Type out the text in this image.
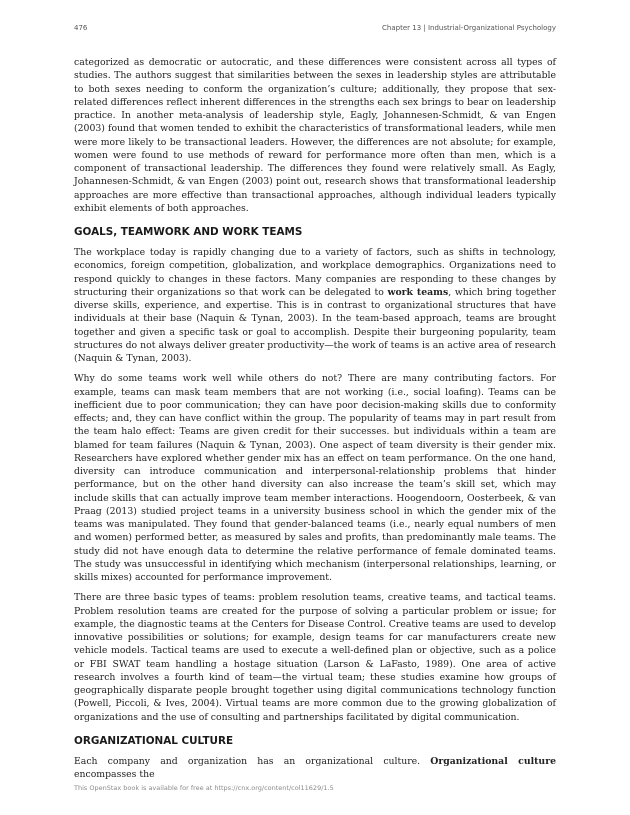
476	Chapter 13 | Industrial-Organizational Psychology

categorized as democratic or autocratic, and these differences were consistent across all types of studies. The authors suggest that similarities between the sexes in leadership styles are attributable to both sexes needing to conform the organization’s culture; additionally, they propose that sex-related differences reflect inherent differences in the strengths each sex brings to bear on leadership practice. In another meta-analysis of leadership style, Eagly, Johannesen-Schmidt, & van Engen (2003) found that women tended to exhibit the characteristics of transformational leaders, while men were more likely to be transactional leaders. However, the differences are not absolute; for example, women were found to use methods of reward for performance more often than men, which is a component of transactional leadership. The differences they found were relatively small. As Eagly, Johannesen-Schmidt, & van Engen (2003) point out, research shows that transformational leadership approaches are more effective than transactional approaches, although individual leaders typically exhibit elements of both approaches.

GOALS, TEAMWORK AND WORK TEAMS

The workplace today is rapidly changing due to a variety of factors, such as shifts in technology, economics, foreign competition, globalization, and workplace demographics. Organizations need to respond quickly to changes in these factors. Many companies are responding to these changes by structuring their organizations so that work can be delegated to work teams, which bring together diverse skills, experience, and expertise. This is in contrast to organizational structures that have individuals at their base (Naquin & Tynan, 2003). In the team-based approach, teams are brought together and given a specific task or goal to accomplish. Despite their burgeoning popularity, team structures do not always deliver greater productivity—the work of teams is an active area of research (Naquin & Tynan, 2003).

Why do some teams work well while others do not? There are many contributing factors. For example, teams can mask team members that are not working (i.e., social loafing). Teams can be inefficient due to poor communication; they can have poor decision-making skills due to conformity effects; and, they can have conflict within the group. The popularity of teams may in part result from the team halo effect: Teams are given credit for their successes. but individuals within a team are blamed for team failures (Naquin & Tynan, 2003). One aspect of team diversity is their gender mix. Researchers have explored whether gender mix has an effect on team performance. On the one hand, diversity can introduce communication and interpersonal-relationship problems that hinder performance, but on the other hand diversity can also increase the team’s skill set, which may include skills that can actually improve team member interactions. Hoogendoorn, Oosterbeek, & van Praag (2013) studied project teams in a university business school in which the gender mix of the teams was manipulated. They found that gender-balanced teams (i.e., nearly equal numbers of men and women) performed better, as measured by sales and profits, than predominantly male teams. The study did not have enough data to determine the relative performance of female dominated teams. The study was unsuccessful in identifying which mechanism (interpersonal relationships, learning, or skills mixes) accounted for performance improvement.

There are three basic types of teams: problem resolution teams, creative teams, and tactical teams. Problem resolution teams are created for the purpose of solving a particular problem or issue; for example, the diagnostic teams at the Centers for Disease Control. Creative teams are used to develop innovative possibilities or solutions; for example, design teams for car manufacturers create new vehicle models. Tactical teams are used to execute a well-defined plan or objective, such as a police or FBI SWAT team handling a hostage situation (Larson & LaFasto, 1989). One area of active research involves a fourth kind of team—the virtual team; these studies examine how groups of geographically disparate people brought together using digital communications technology function (Powell, Piccoli, & Ives, 2004). Virtual teams are more common due to the growing globalization of organizations and the use of consulting and partnerships facilitated by digital communication.

ORGANIZATIONAL CULTURE

Each company and organization has an organizational culture. Organizational culture encompasses the

This OpenStax book is available for free at https://cnx.org/content/col11629/1.5
